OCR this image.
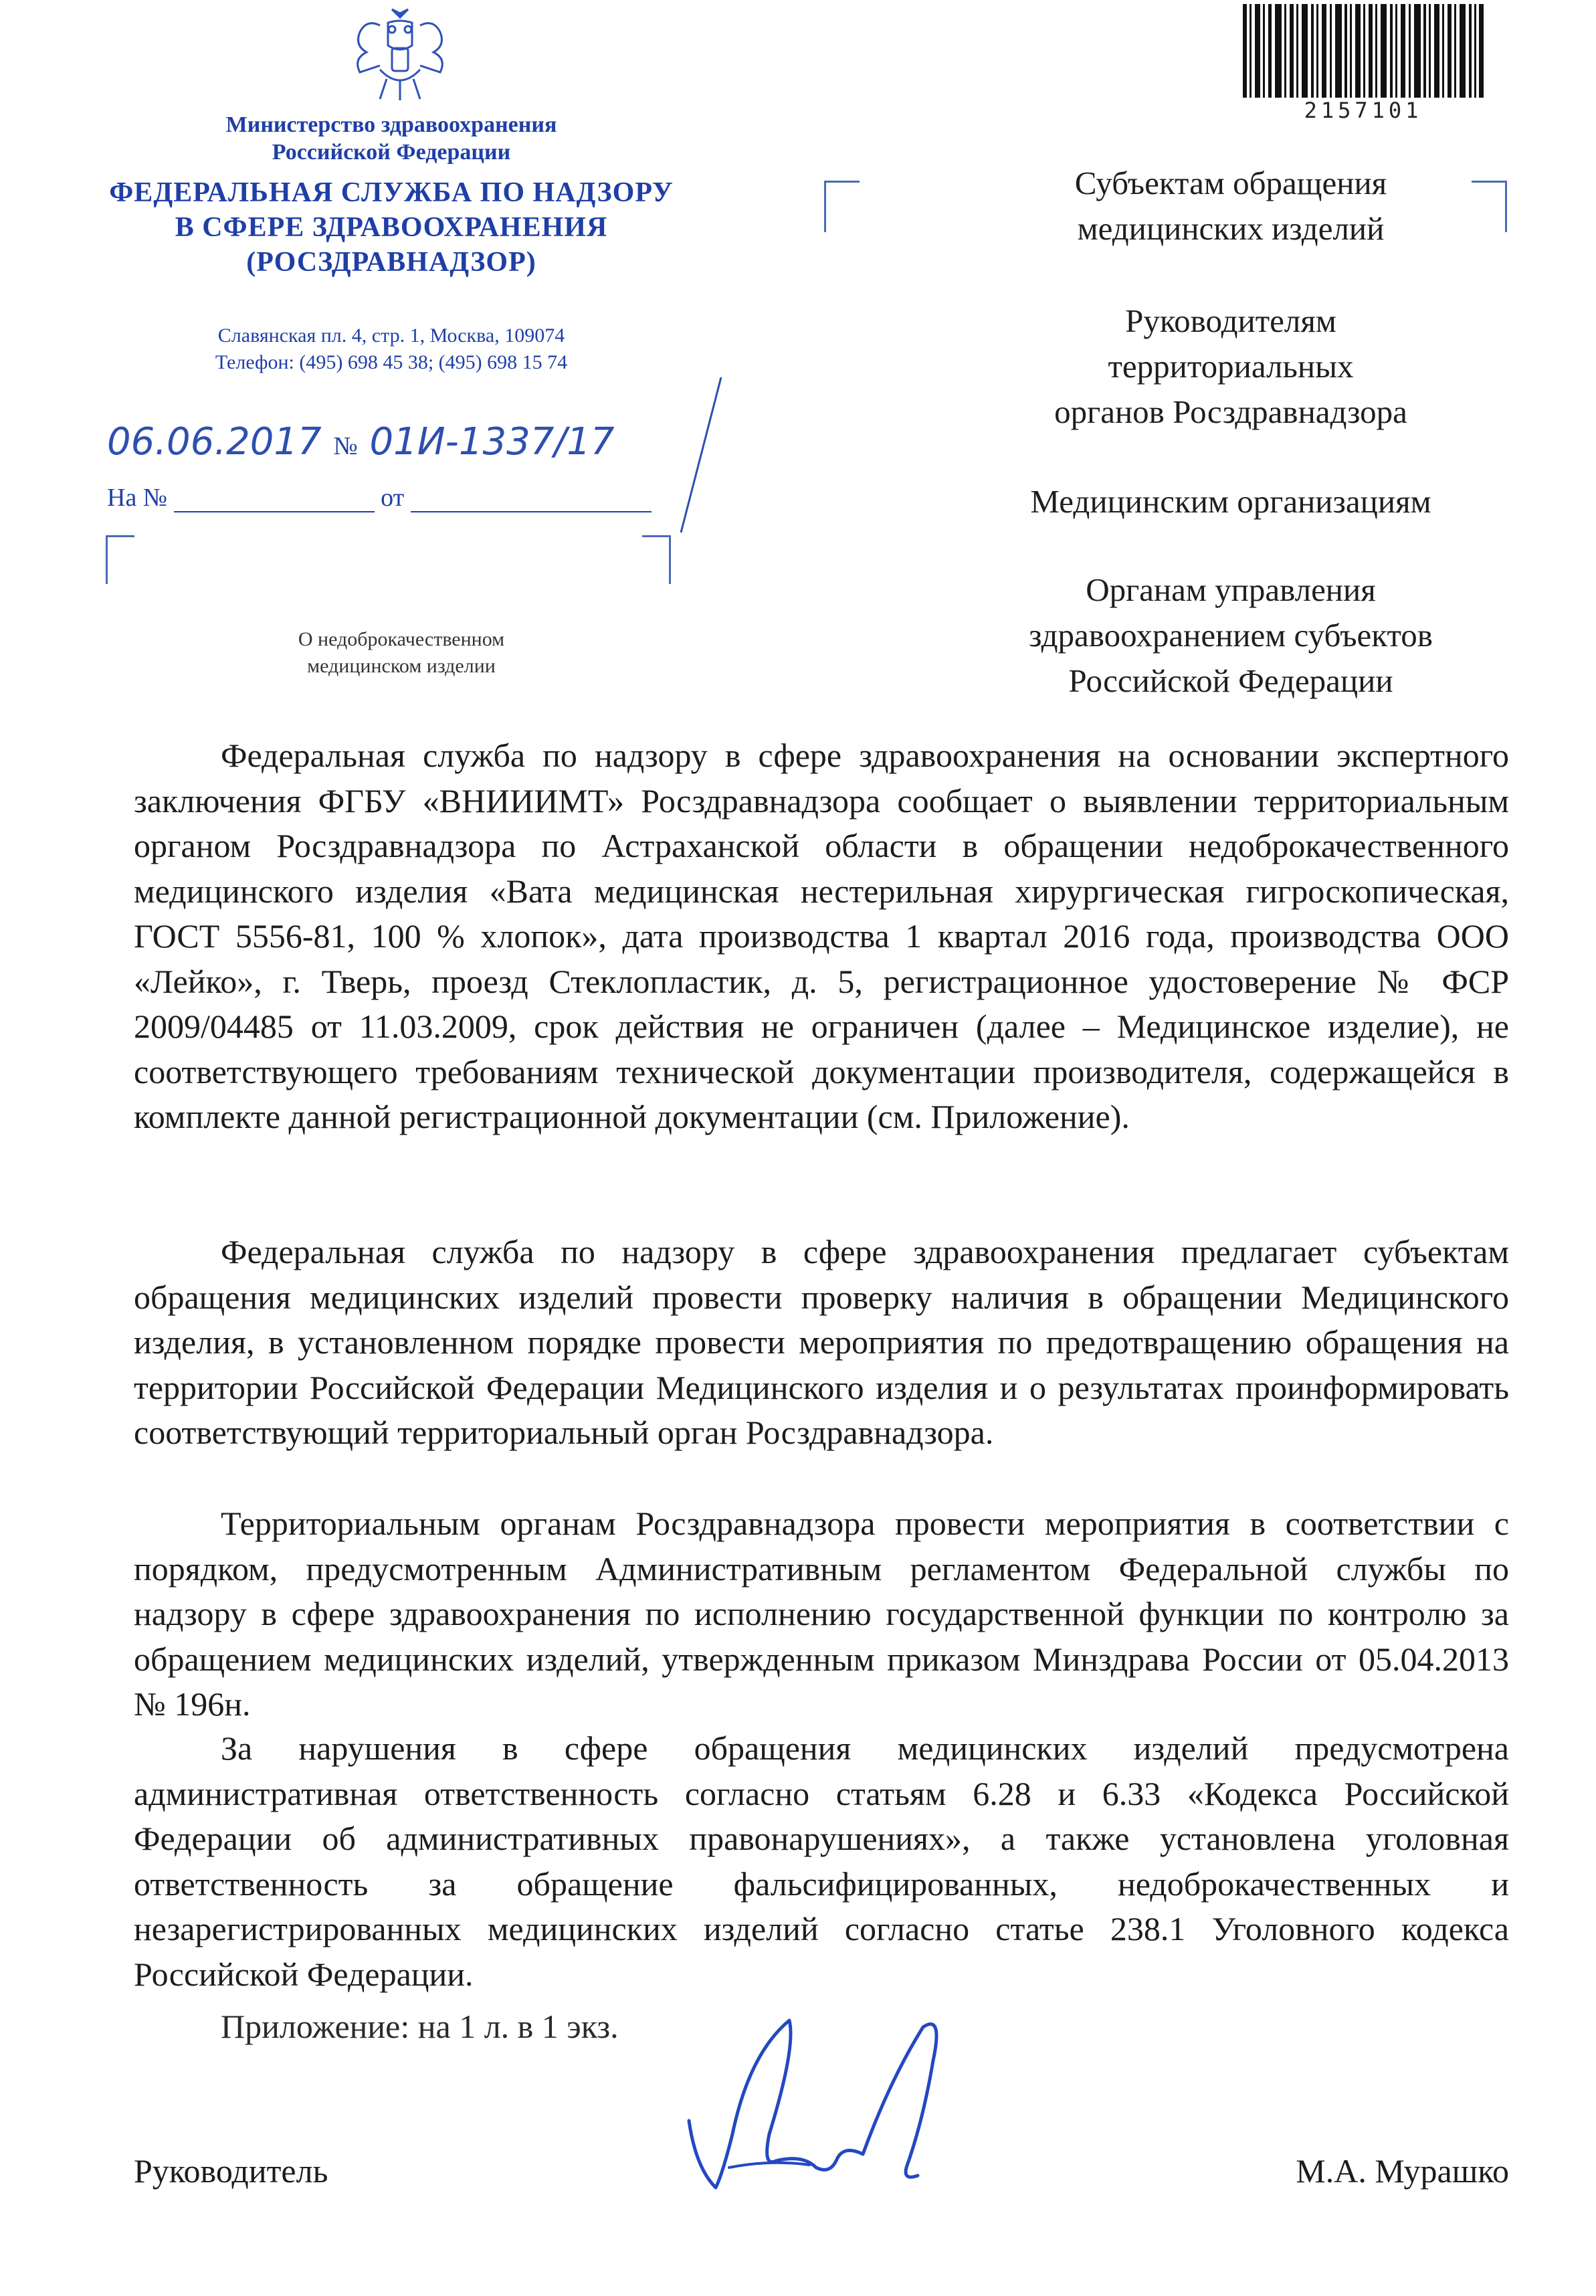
Министерство здравоохранения
Российской Федерации
ФЕДЕРАЛЬНАЯ СЛУЖБА ПО НАДЗОРУ
В СФЕРЕ ЗДРАВООХРАНЕНИЯ
(РОСЗДРАВНАДЗОР)
Славянская пл. 4, стр. 1, Москва, 109074
Телефон: (495) 698 45 38; (495) 698 15 74
06.06.2017 № 01И-1337/17
На №	от
О недоброкачественном
медицинском изделии
2157101
Субъектам обращения
медицинских изделий
Руководителям
территориальных
органов Росздравнадзора
Медицинским организациям
Органам управления
здравоохранением субъектов
Российской Федерации

Федеральная служба по надзору в сфере здравоохранения на основании экспертного заключения ФГБУ «ВНИИИМТ» Росздравнадзора сообщает о выявлении территориальным органом Росздравнадзора по Астраханской области в обращении недоброкачественного медицинского изделия «Вата медицинская нестерильная хирургическая гигроскопическая, ГОСТ 5556-81, 100 % хлопок», дата производства 1 квартал 2016 года, производства ООО «Лейко», г. Тверь, проезд Стеклопластик, д. 5, регистрационное удостоверение № ФСР 2009/04485 от 11.03.2009, срок действия не ограничен (далее – Медицинское изделие), не соответствующего требованиям технической документации производителя, содержащейся в комплекте данной регистрационной документации (см. Приложение).

Федеральная служба по надзору в сфере здравоохранения предлагает субъектам обращения медицинских изделий провести проверку наличия в обращении Медицинского изделия, в установленном порядке провести мероприятия по предотвращению обращения на территории Российской Федерации Медицинского изделия и о результатах проинформировать соответствующий территориальный орган Росздравнадзора.

Территориальным органам Росздравнадзора провести мероприятия в соответствии с порядком, предусмотренным Административным регламентом Федеральной службы по надзору в сфере здравоохранения по исполнению государственной функции по контролю за обращением медицинских изделий, утвержденным приказом Минздрава России от 05.04.2013 № 196н.

За нарушения в сфере обращения медицинских изделий предусмотрена административная ответственность согласно статьям 6.28 и 6.33 «Кодекса Российской Федерации об административных правонарушениях», а также установлена уголовная ответственность за обращение фальсифицированных, недоброкачественных и незарегистрированных медицинских изделий согласно статье 238.1 Уголовного кодекса Российской Федерации.

Приложение: на 1 л. в 1 экз.
Руководитель	М.А. Мурашко
